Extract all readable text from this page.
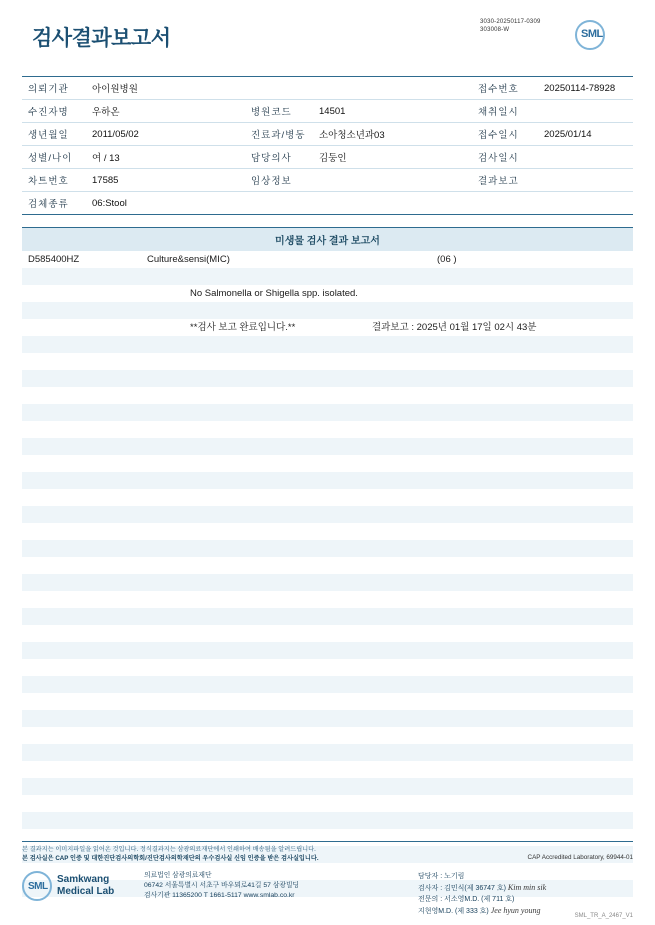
3030-20250117-0309
303008-W
검사결과보고서	SML
의뢰기관	아이원병원			접수번호	20250114-78928
수진자명	우하온	병원코드	14501	채취일시	
생년월일	2011/05/02	진료과/병동	소아청소년과03	접수일시	2025/01/14
성별/나이	여 / 13	담당의사	김둥인	검사일시	
차트번호	17585	임상정보		결과보고	
검체종류	06:Stool				
미생물 검사 결과 보고서
D585400HZ	Culture&sensi(MIC)	(06 )
No Salmonella or Shigella spp. isolated.
**검사 보고 완료입니다.**	결과보고 : 2025년 01월 17일 02시 43분
본 결과지는 이미지파일을 읽어온 것입니다. 정식결과지는 삼광의료재단에서 인쇄하여 배송됨을 알려드립니다.
본 검사실은 CAP 인증 및 대한진단검사의학회/진단검사의학재단의 우수검사실 신임 인증을 받은 검사실입니다.	CAP Accredited Laboratory, 69944-01
SML
Samkwang
Medical Lab
의료법인 삼광의료재단
06742 서울특별시 서초구 바우뫼로41길 57 삼광빌딩
검사기관 11365200 T 1661-5117 www.smlab.co.kr
담당자 : 노기림
검사자 : 김민식(제 36747 호) Kim min sik
전문의 : 서소영M.D. (제 711 호)
지현영M.D. (제 333 호) Jee hyun young
SML_TR_A_2467_V1
